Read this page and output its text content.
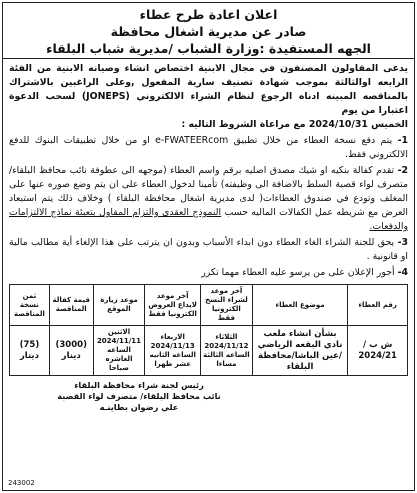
اعلان اعادة طرح عطاء
صادر عن مديرية اشغال محافظة
الجهه المستفيدة :وزارة الشباب /مديرية شباب البلقاء
يدعى المقاولون المصنفون في مجال الابنية اختصاص انشاء وصيانه الابنية من الفئة الرابعه اوالثالثة بموجب شهادة تصنيف سارية المفعول ,وعلى الراغبين بالاشتراك بالمناقصه المبينه ادناه الرجوع لنظام الشراء الالكتروني (JONEPS) لسحب الدعوة اعتبارا من يوم
الخميس 2024/10/31 مع مراعاة الشروط التاليه :
1- يتم دفع نسخة العطاء من خلال تطبيق e-FWATEERcom او من خلال تطبيقات البنوك للدفع الالكتروني فقط.
2- تقدم كفالة بنكيه او شيك مصدق اصليه برقم واسم العطاء (موجهه الى عطوفة نائب محافظ البلقاء/متصرف لواء قصبة السلط بالاضافة الى وظيفته) تأمينا لدخول العطاء على ان يتم وضع صوره عنها على المغلف وتودع في صندوق العطاءات( لدى مديرية اشغال محافظة البلقاء ) وخلاف ذلك يتم استبعاد العرض مع شريطه عمل الكفالات الماليه حسب النموذج العقدي والتزام المقاول بتعبئة نماذج الالتزامات والدفعات.
3- يحق للجنة الشراء الغاء العطاء دون ابداء الأسباب وبدون ان يترتب على هذا الإلغاء أية مطالب مالية او قانونية .
4- أجور الإعلان على من يرسو عليه العطاء مهما تكرر
رقم العطاء	موضوع العطاء	آخر موعد لشراء النسخ الكترونيا فقط	آخر موعد لايداع العروض الكترونيا فقط	موعد زيارة الموقع	قيمة كفالة المناقصة	ثمن نسخة المناقصة
ش ب / 2024/21	بشأن انشاء ملعب نادي البقعه الرياضي /عين الباشا/محافظة البلقاء	الثلاثاء 2024/11/12 الساعه الثالثة مساءا	الاربعاء 2024/11/13 الساعه الثانيه عشر ظهرا	الاثنين 2024/11/11 الساعه العاشره صباحا	(3000) دينار	(75) دينار
رئيس لجنة شراء محافظة البلقاء
نائب محافظ البلقاء/ متصرف لواء القصبة
علي رضوان بطاينـه
243002
